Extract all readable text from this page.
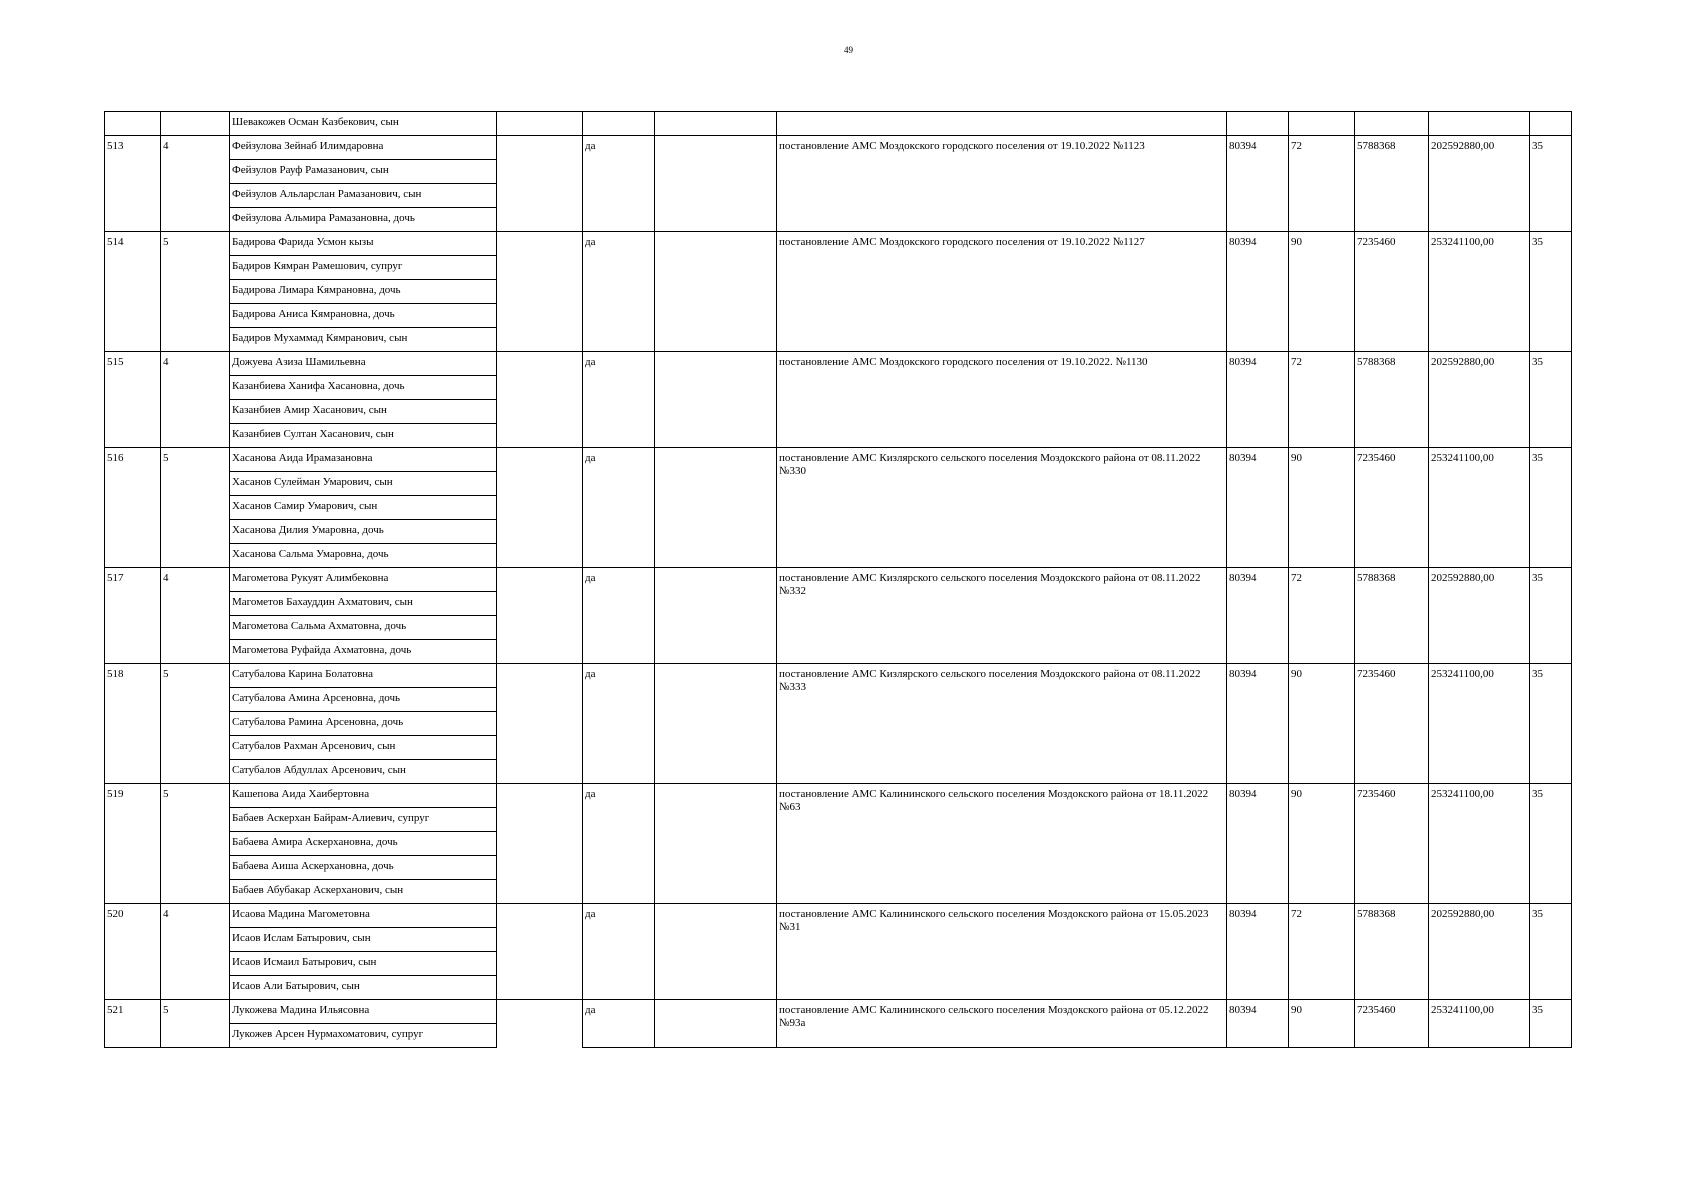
49
		Шевакожев Осман Казбекович, сын									
513	4	Фейзулова Зейнаб Илимдаровна		да		постановление АМС Моздокского городского поселения от 19.10.2022 №1123	80394	72	5788368	202592880,00	35
		Фейзулов Рауф Рамазанович, сын									
		Фейзулов Альларслан Рамазанович, сын									
		Фейзулова Альмира Рамазановна, дочь									
514	5	Бадирова Фарида Усмон кызы		да		постановление АМС Моздокского городского поселения от 19.10.2022 №1127	80394	90	7235460	253241100,00	35
		Бадиров Кямран Рамешович, супруг									
		Бадирова Лимара Кямрановна, дочь									
		Бадирова Аниса Кямрановна, дочь									
		Бадиров Мухаммад Кямранович, сын									
515	4	Дожуева Азиза Шамильевна		да		постановление АМС Моздокского городского поселения от 19.10.2022. №1130	80394	72	5788368	202592880,00	35
		Казанбиева Ханифа Хасановна, дочь									
		Казанбиев Амир Хасанович, сын									
		Казанбиев Султан Хасанович, сын									
516	5	Хасанова Аида Ирамазановна		да		постановление АМС Кизлярского сельского поселения Моздокского района от 08.11.2022 №330	80394	90	7235460	253241100,00	35
		Хасанов Сулейман Умарович, сын									
		Хасанов Самир Умарович, сын									
		Хасанова Дилия Умаровна, дочь									
		Хасанова Сальма Умаровна, дочь									
517	4	Магометова Рукуят Алимбековна		да		постановление АМС Кизлярского сельского поселения Моздокского района от 08.11.2022 №332	80394	72	5788368	202592880,00	35
		Магометов Бахауддин Ахматович, сын									
		Магометова Сальма Ахматовна, дочь									
		Магометова Руфайда Ахматовна, дочь									
518	5	Сатубалова Карина Болатовна		да		постановление АМС Кизлярского сельского поселения Моздокского района от 08.11.2022 №333	80394	90	7235460	253241100,00	35
		Сатубалова Амина Арсеновна, дочь									
		Сатубалова Рамина Арсеновна, дочь									
		Сатубалов Рахман Арсенович, сын									
		Сатубалов Абдуллах Арсенович, сын									
519	5	Кашепова Аида Хаибертовна		да		постановление АМС Калининского сельского поселения Моздокского района от 18.11.2022 №63	80394	90	7235460	253241100,00	35
		Бабаев Аскерхан Байрам-Алиевич, супруг									
		Бабаева Амира Аскерхановна, дочь									
		Бабаева Аиша Аскерхановна, дочь									
		Бабаев Абубакар Аскерханович, сын									
520	4	Исаова Мадина Магометовна		да		постановление АМС Калининского сельского поселения Моздокского района от 15.05.2023 №31	80394	72	5788368	202592880,00	35
		Исаов Ислам Батырович, сын									
		Исаов Исмаил Батырович, сын									
		Исаов Али Батырович, сын									
521	5	Лукожева Мадина Ильясовна		да		постановление АМС Калининского сельского поселения Моздокского района от 05.12.2022 №93а	80394	90	7235460	253241100,00	35
		Лукожев Арсен Нурмахоматович, супруг									
